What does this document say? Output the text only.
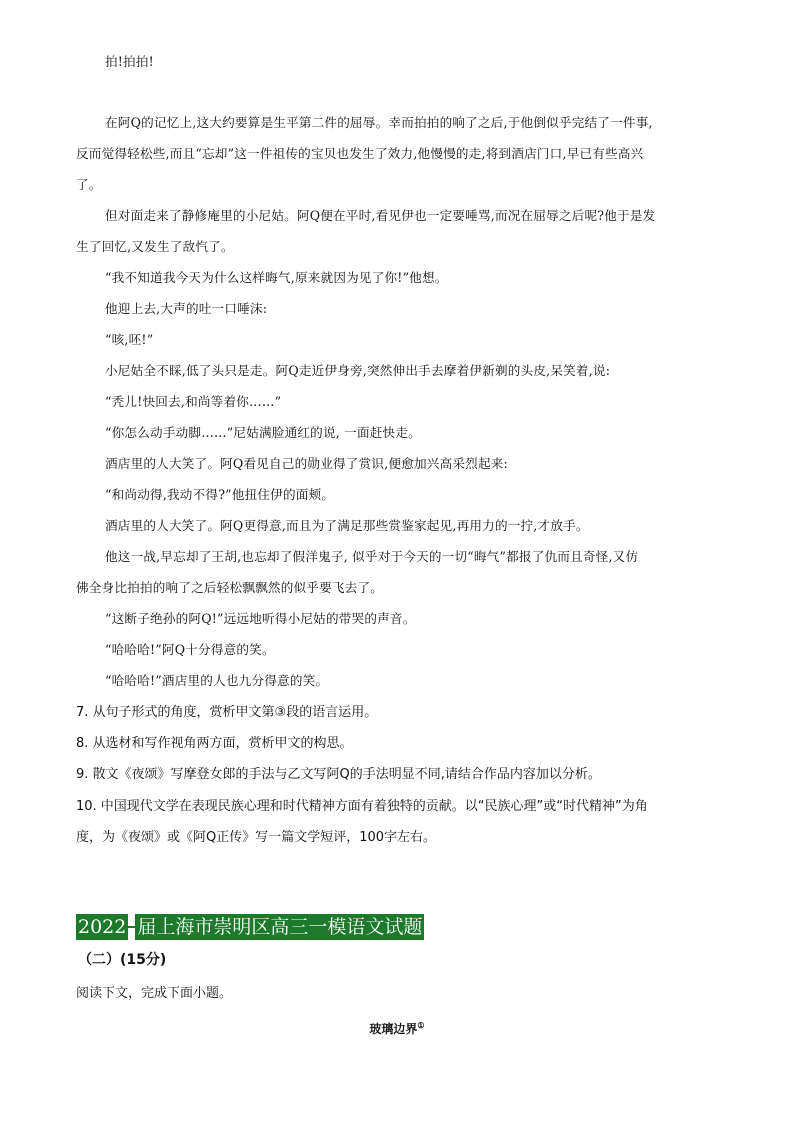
拍!拍拍!
在阿Q的记忆上,这大约要算是生平第二件的屈辱。幸而拍拍的响了之后,于他倒似乎完结了一件事,
反而觉得轻松些,而且“忘却”这一件祖传的宝贝也发生了效力,他慢慢的走,将到酒店门口,早已有些高兴
了。
但对面走来了静修庵里的小尼姑。阿Q便在平时,看见伊也一定要唾骂,而况在屈辱之后呢?他于是发
生了回忆,又发生了敌忾了。
“我不知道我今天为什么这样晦气,原来就因为见了你!”他想。
他迎上去,大声的吐一口唾沫:
“咳,呸!”
小尼姑全不睬,低了头只是走。阿Q走近伊身旁,突然伸出手去摩着伊新剃的头皮,呆笑着,说:
“秃儿!快回去,和尚等着你……”
“你怎么动手动脚……”尼姑满脸通红的说, 一面赶快走。
酒店里的人大笑了。阿Q看见自己的勋业得了赏识,便愈加兴高采烈起来:
“和尚动得,我动不得?”他扭住伊的面颊。
酒店里的人大笑了。阿Q更得意,而且为了满足那些赏鉴家起见,再用力的一拧,才放手。
他这一战,早忘却了王胡,也忘却了假洋鬼子, 似乎对于今天的一切“晦气”都报了仇而且奇怪,又仿
佛全身比拍拍的响了之后轻松飘飘然的似乎要飞去了。
“这断子绝孙的阿Q!”远远地听得小尼姑的带哭的声音。
“哈哈哈!”阿Q十分得意的笑。
“哈哈哈!”酒店里的人也九分得意的笑。
7. 从句子形式的角度，赏析甲文第③段的语言运用。
8. 从选材和写作视角两方面，赏析甲文的构思。
9. 散文《夜颂》写摩登女郎的手法与乙文写阿Q的手法明显不同,请结合作品内容加以分析。
10. 中国现代文学在表现民族心理和时代精神方面有着独特的贡献。以“民族心理”或“时代精神”为角
度，为《夜颂》或《阿Q正传》写一篇文学短评，100字左右。
2022 届上海市崇明区高三一模语文试题
（二）(15分)
阅读下文，完成下面小题。
玻璃边界①
